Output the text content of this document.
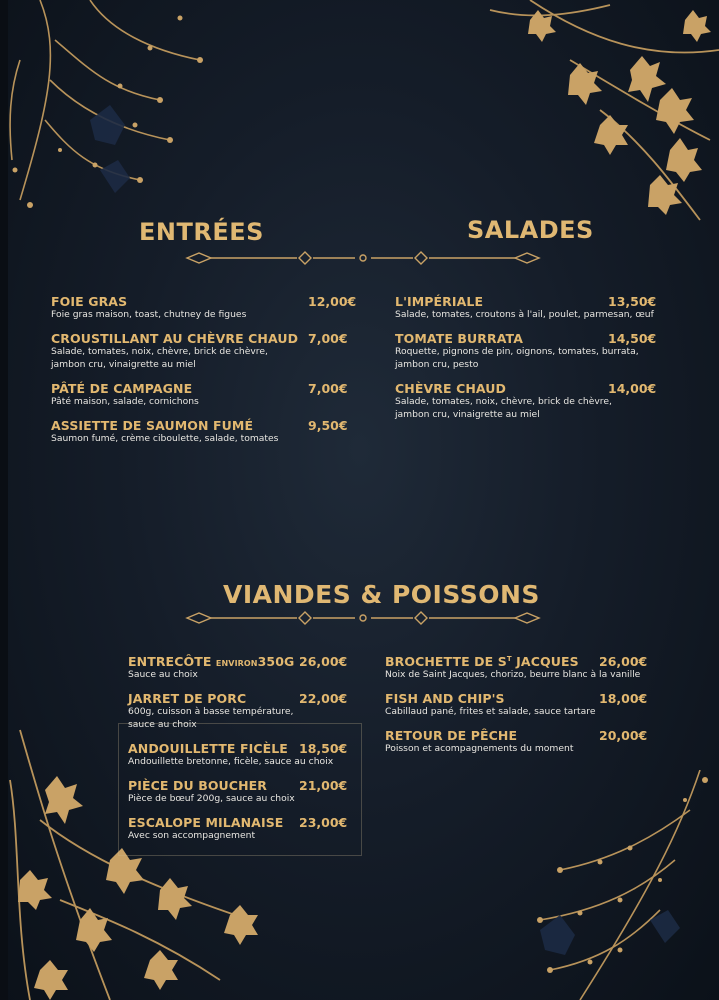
ENTRÉES	SALADES
VIANDES & POISSONS
FOIE GRAS	12,00€
Foie gras maison, toast, chutney de figues
CROUSTILLANT AU CHÈVRE CHAUD 7,00€
Salade, tomates, noix, chèvre, brick de chèvre,
jambon cru, vinaigrette au miel
PÂTÉ DE CAMPAGNE	7,00€
Pâté maison, salade, cornichons
ASSIETTE DE SAUMON FUMÉ	9,50€
Saumon fumé, crème ciboulette, salade, tomates
L'IMPÉRIALE	13,50€
Salade, tomates, croutons à l'ail, poulet, parmesan, œuf
TOMATE BURRATA	14,50€
Roquette, pignons de pin, oignons, tomates, burrata,
jambon cru, pesto
CHÈVRE CHAUD	14,00€
Salade, tomates, noix, chèvre, brick de chèvre,
jambon cru, vinaigrette au miel
ENTRECÔTE ENVIRON350G 26,00€
Sauce au choix
JARRET DE PORC	22,00€
600g, cuisson à basse température,
sauce au choix
ANDOUILLETTE FICÈLE 18,50€
Andouillette bretonne, ficèle, sauce au choix
PIÈCE DU BOUCHER	21,00€
Pièce de bœuf 200g, sauce au choix
ESCALOPE MILANAISE 23,00€
Avec son accompagnement
BROCHETTE DE $S^T$ JACQUES 26,00€
Noix de Saint Jacques, chorizo, beurre blanc à la vanille
FISH AND CHIP'S	18,00€
Cabillaud pané, frites et salade, sauce tartare
RETOUR DE PÊCHE	20,00€
Poisson et acompagnements du moment
